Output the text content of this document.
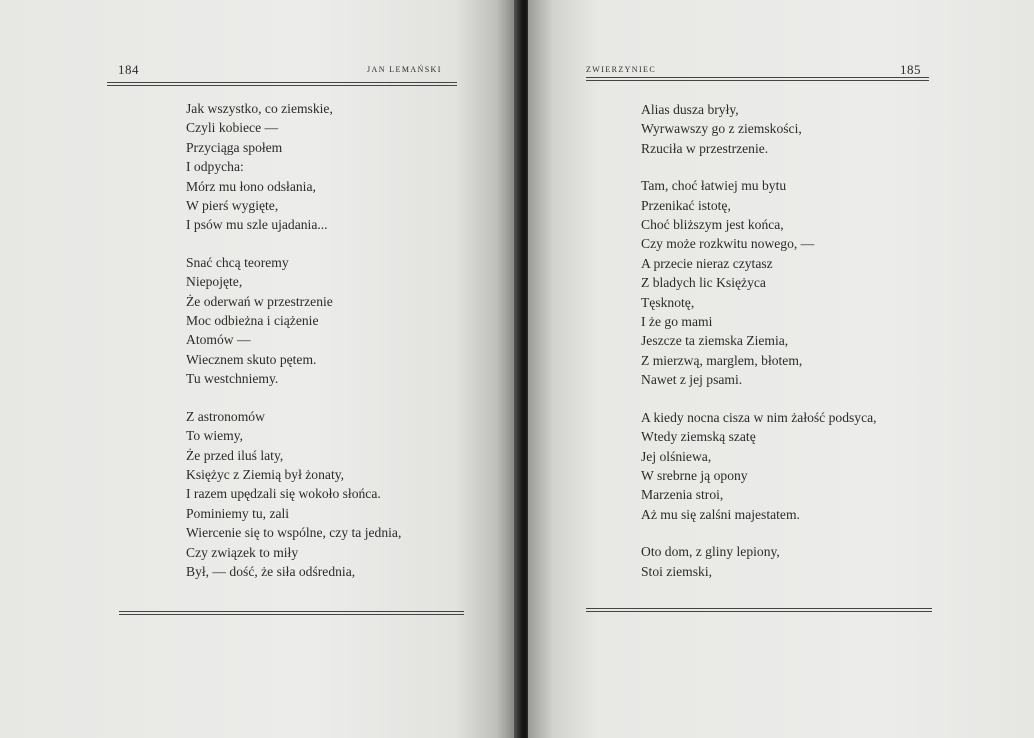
184	JAN LEMAŃSKI
Jak wszystko, co ziemskie,
Czyli kobiece —
Przyciąga społem
I odpycha:
Mórz mu łono odsłania,
W pierś wygięte,
I psów mu szle ujadania...
Snać chcą teoremy
Niepojęte,
Że oderwań w przestrzenie
Moc odbieżna i ciążenie
Atomów —
Wiecznem skuto pętem.
Tu westchniemy.
Z astronomów
To wiemy,
Że przed iluś laty,
Księżyc z Ziemią był żonaty,
I razem upędzali się wokoło słońca.
Pominiemy tu, zali
Wiercenie się to wspólne, czy ta jednia,
Czy związek to miły
Był, — dość, że siła odśrednia,
ZWIERZYNIEC	185
Alias dusza bryły,
Wyrwawszy go z ziemskości,
Rzuciła w przestrzenie.
Tam, choć łatwiej mu bytu
Przenikać istotę,
Choć bliższym jest końca,
Czy może rozkwitu nowego, —
A przecie nieraz czytasz
Z bladych lic Księżyca
Tęsknotę,
I że go mami
Jeszcze ta ziemska Ziemia,
Z mierzwą, marglem, błotem,
Nawet z jej psami.
A kiedy nocna cisza w nim żałość podsyca,
Wtedy ziemską szatę
Jej olśniewa,
W srebrne ją opony
Marzenia stroi,
Aż mu się zalśni majestatem.
Oto dom, z gliny lepiony,
Stoi ziemski,
